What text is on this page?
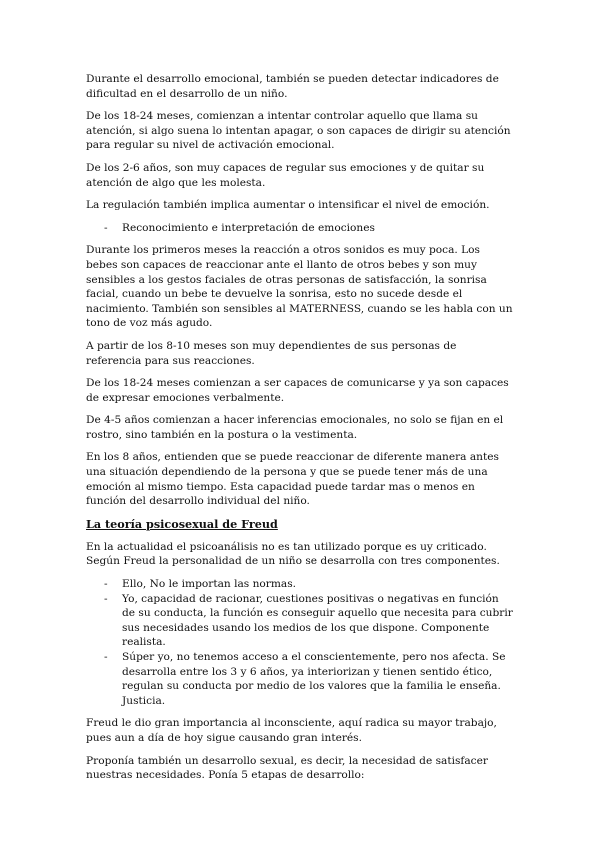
Durante el desarrollo emocional, también se pueden detectar indicadores de dificultad en el desarrollo de un niño.

De los 18-24 meses, comienzan a intentar controlar aquello que llama su atención, si algo suena lo intentan apagar, o son capaces de dirigir su atención para regular su nivel de activación emocional.

De los 2-6 años, son muy capaces de regular sus emociones y de quitar su atención de algo que les molesta.

La regulación también implica aumentar o intensificar el nivel de emoción.

- Reconocimiento e interpretación de emociones

Durante los primeros meses la reacción a otros sonidos es muy poca. Los bebes son capaces de reaccionar ante el llanto de otros bebes y son muy sensibles a los gestos faciales de otras personas de satisfacción, la sonrisa facial, cuando un bebe te devuelve la sonrisa, esto no sucede desde el nacimiento. También son sensibles al MATERNESS, cuando se les habla con un tono de voz más agudo.

A partir de los 8-10 meses son muy dependientes de sus personas de referencia para sus reacciones.

De los 18-24 meses comienzan a ser capaces de comunicarse y ya son capaces de expresar emociones verbalmente.

De 4-5 años comienzan a hacer inferencias emocionales, no solo se fijan en el rostro, sino también en la postura o la vestimenta.

En los 8 años, entienden que se puede reaccionar de diferente manera antes una situación dependiendo de la persona y que se puede tener más de una emoción al mismo tiempo. Esta capacidad puede tardar mas o menos en función del desarrollo individual del niño.

La teoría psicosexual de Freud

En la actualidad el psicoanálisis no es tan utilizado porque es uy criticado. Según Freud la personalidad de un niño se desarrolla con tres componentes.

- Ello, No le importan las normas.
- Yo, capacidad de racionar, cuestiones positivas o negativas en función de su conducta, la función es conseguir aquello que necesita para cubrir sus necesidades usando los medios de los que dispone. Componente realista.
- Súper yo, no tenemos acceso a el conscientemente, pero nos afecta. Se desarrolla entre los 3 y 6 años, ya interiorizan y tienen sentido ético, regulan su conducta por medio de los valores que la familia le enseña. Justicia.

Freud le dio gran importancia al inconsciente, aquí radica su mayor trabajo, pues aun a día de hoy sigue causando gran interés.

Proponía también un desarrollo sexual, es decir, la necesidad de satisfacer nuestras necesidades. Ponía 5 etapas de desarrollo:
